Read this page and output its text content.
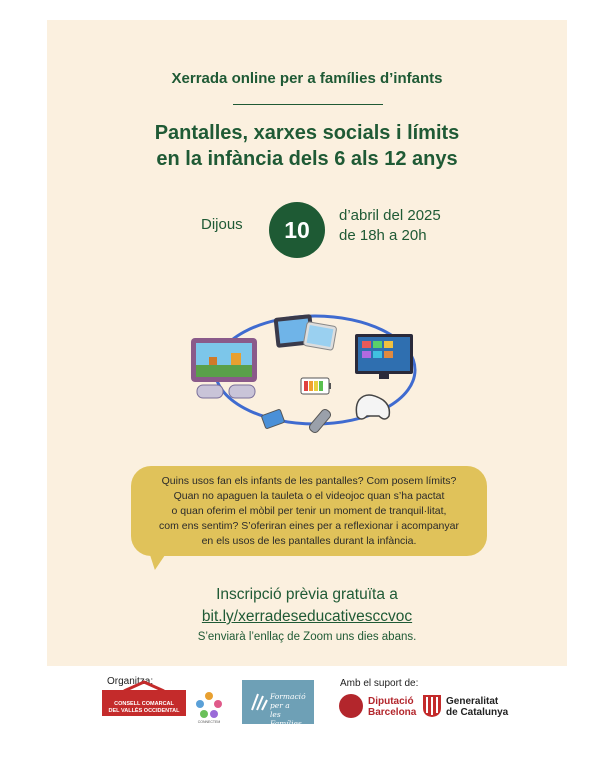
Xerrada online per a famílies d’infants
Pantalles, xarxes socials i límits
en la infància dels 6 als 12 anys
Dijous	10
d’abril del 2025
de 18h a 20h
Quins usos fan els infants de les pantalles? Com posem límits?
Quan no apaguen la tauleta o el videojoc quan s’ha pactat
o quan oferim el mòbil per tenir un moment de tranquil·litat,
com ens sentim? S’oferiran eines per a reflexionar i acompanyar
en els usos de les pantalles durant la infància.
Inscripció prèvia gratuïta a
bit.ly/xerradeseducativesccvoc
S’enviarà l’enllaç de Zoom uns dies abans.
Organitza:
CONSELL COMARCAL
DEL VALLÈS OCCIDENTAL
CONNECTEM
Formació per a
les Famílies
Amb el suport de:
Diputació
Barcelona
Generalitat
de Catalunya
